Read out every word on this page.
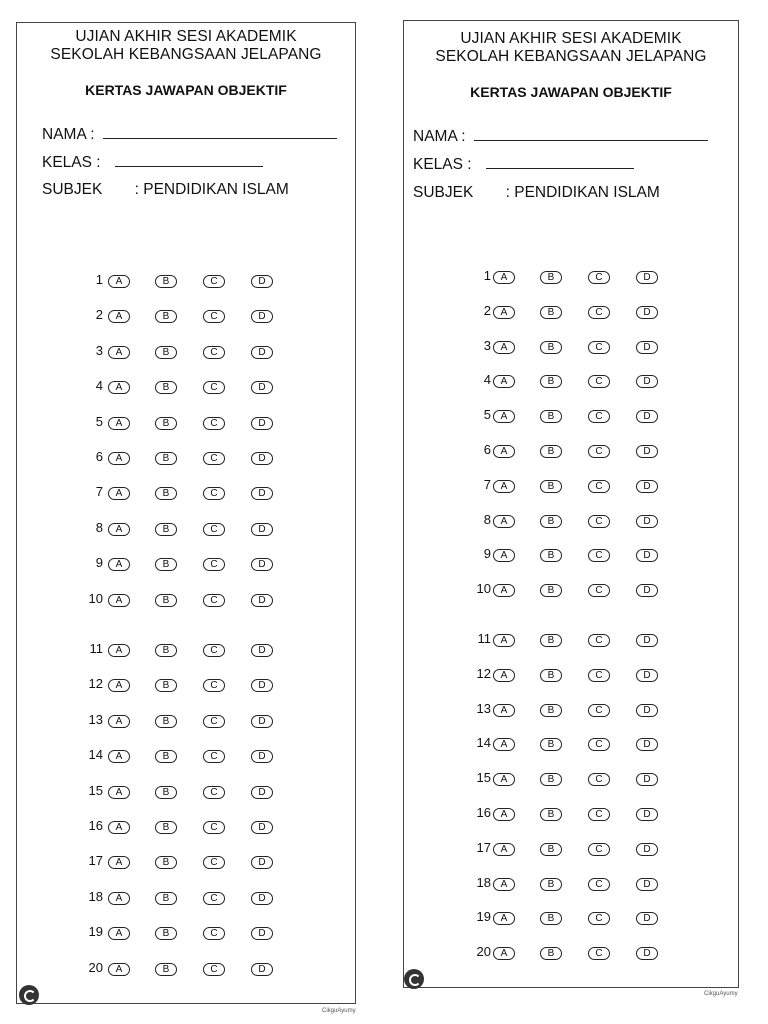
UJIAN AKHIR SESI AKADEMIK
SEKOLAH KEBANGSAAN JELAPANG
KERTAS JAWAPAN OBJEKTIF
NAMA :
KELAS :
SUBJEK : PENDIDIKAN ISLAM
1	A	B	C	D
2	A	B	C	D
3	A	B	C	D
4	A	B	C	D
5	A	B	C	D
6	A	B	C	D
7	A	B	C	D
8	A	B	C	D
9	A	B	C	D
10	A	B	C	D
11	A	B	C	D
12	A	B	C	D
13	A	B	C	D
14	A	B	C	D
15	A	B	C	D
16	A	B	C	D
17	A	B	C	D
18	A	B	C	D
19	A	B	C	D
20	A	B	C	D
CikguAyumy
UJIAN AKHIR SESI AKADEMIK
SEKOLAH KEBANGSAAN JELAPANG
KERTAS JAWAPAN OBJEKTIF
NAMA :
KELAS :
SUBJEK : PENDIDIKAN ISLAM
1 A	B	C	D
2 A	B	C	D
3 A	B	C	D
4 A	B	C	D
5 A	B	C	D
6 A	B	C	D
7 A	B	C	D
8 A	B	C	D
9 A	B	C	D
10 A	B	C	D
11 A	B	C	D
12 A	B	C	D
13 A	B	C	D
14 A	B	C	D
15 A	B	C	D
16 A	B	C	D
17 A	B	C	D
18 A	B	C	D
19 A	B	C	D
20 A	B	C	D
CikguAyumy
